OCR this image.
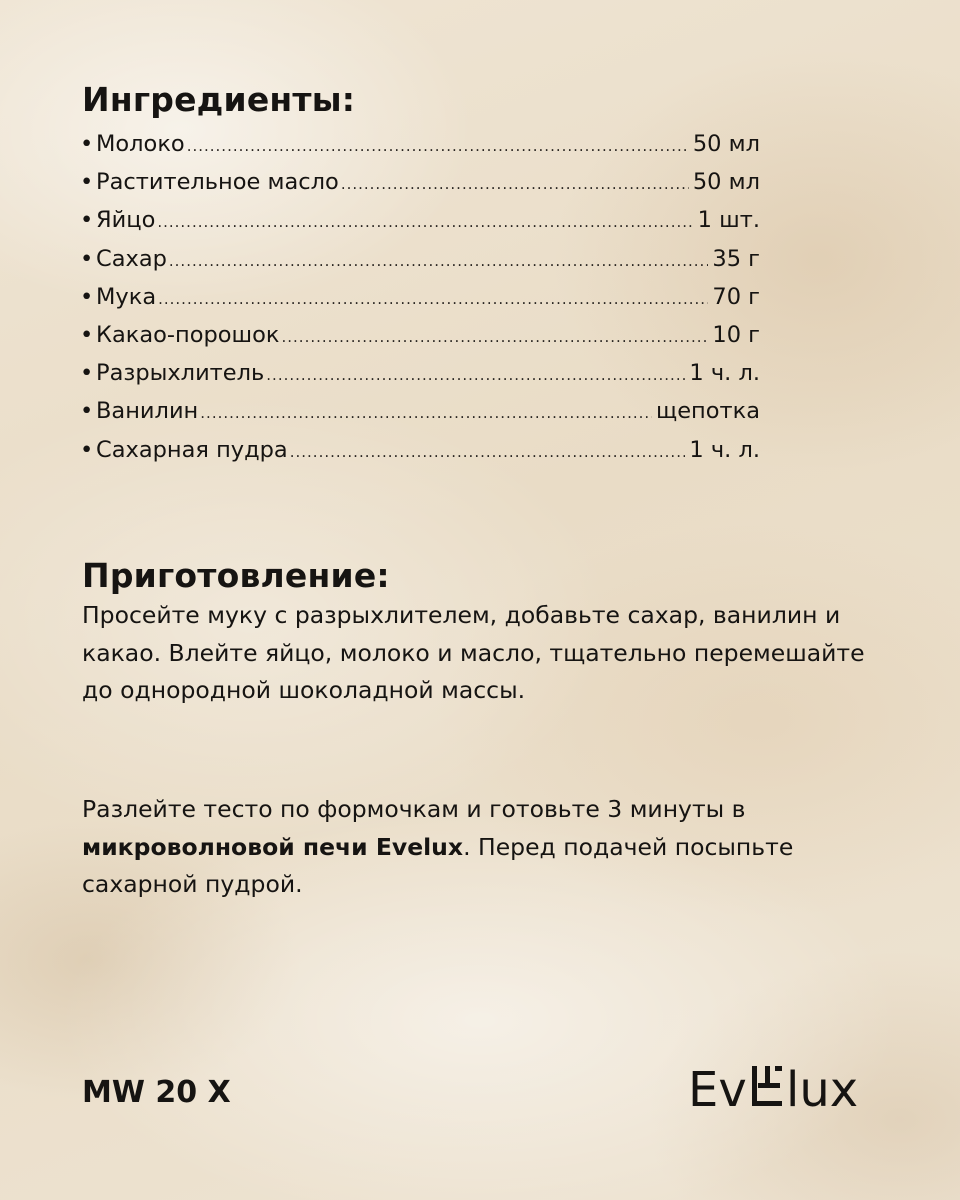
Ингредиенты:
• Молоко .....	50 мл
• Растительное масло .....	50 мл
• Яйцо .....	1 шт.
• Сахар .....	35 г
• Мука .....	70 г
• Какао-порошок .....	10 г
• Разрыхлитель .....	1 ч. л.
• Ванилин .....	щепотка
• Сахарная пудра .....	1 ч. л.
Приготовление:

Просейте муку с разрыхлителем, добавьте сахар, ванилин и какао. Влейте яйцо, молоко и масло, тщательно перемешайте до однородной шоколадной массы.

Разлейте тесто по формочкам и готовьте 3 минуты в микроволновой печи Evelux. Перед подачей посыпьте сахарной пудрой.

MW 20 X	Ev lux
